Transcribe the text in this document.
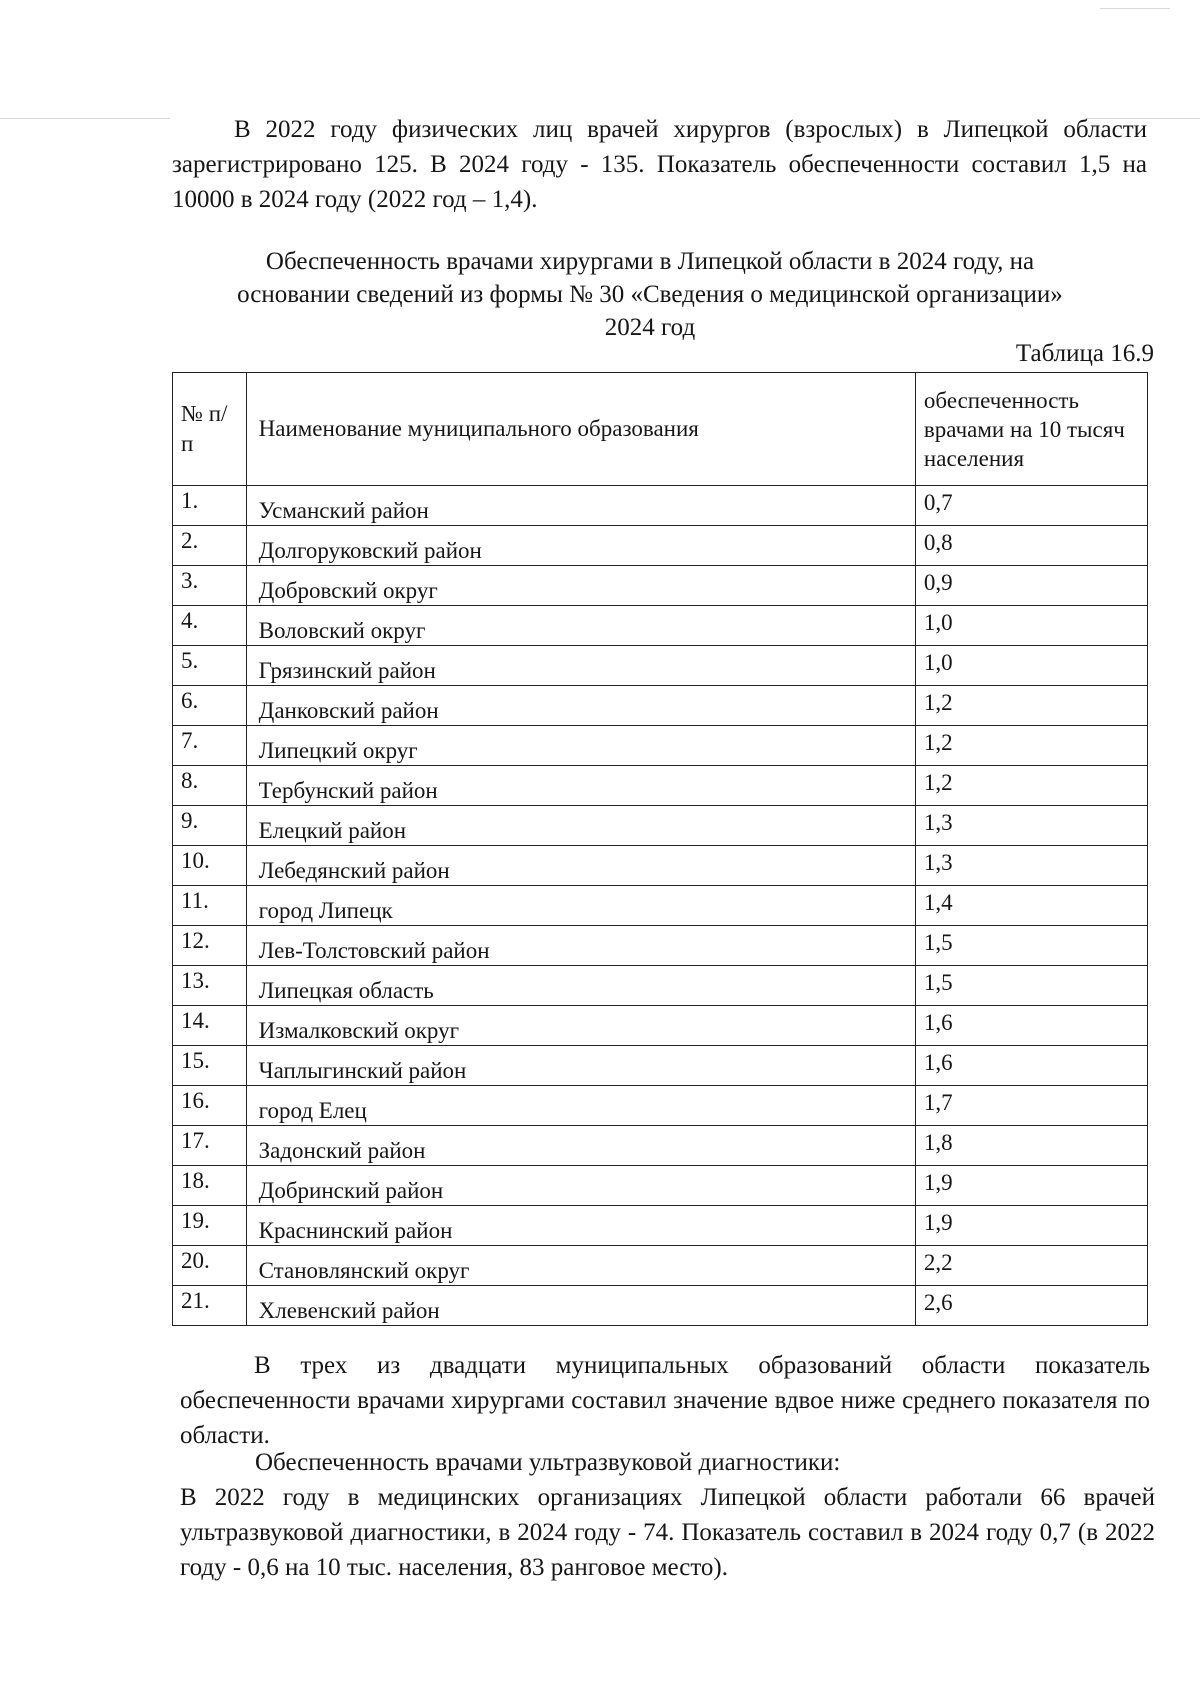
В 2022 году физических лиц врачей хирургов (взрослых) в Липецкой области зарегистрировано 125. В 2024 году - 135. Показатель обеспеченности составил 1,5 на 10000 в 2024 году (2022 год – 1,4).

Обеспеченность врачами хирургами в Липецкой области в 2024 году, на
основании сведений из формы № 30 «Сведения о медицинской организации»
2024 год
Таблица 16.9
№ п/п	Наименование муниципального образования	обеспеченность врачами на 10 тысяч населения
1.	Усманский район	0,7
2.	Долгоруковский район	0,8
3.	Добровский округ	0,9
4.	Воловский округ	1,0
5.	Грязинский район	1,0
6.	Данковский район	1,2
7.	Липецкий округ	1,2
8.	Тербунский район	1,2
9.	Елецкий район	1,3
10.	Лебедянский район	1,3
11.	город Липецк	1,4
12.	Лев-Толстовский район	1,5
13.	Липецкая область	1,5
14.	Измалковский округ	1,6
15.	Чаплыгинский район	1,6
16.	город Елец	1,7
17.	Задонский район	1,8
18.	Добринский район	1,9
19.	Краснинский район	1,9
20.	Становлянский округ	2,2
21.	Хлевенский район	2,6

В трех из двадцати муниципальных образований области показатель обеспеченности врачами хирургами составил значение вдвое ниже среднего показателя по области.

Обеспеченность врачами ультразвуковой диагностики:

В 2022 году в медицинских организациях Липецкой области работали 66 врачей ультразвуковой диагностики, в 2024 году - 74. Показатель составил в 2024 году 0,7 (в 2022 году - 0,6 на 10 тыс. населения, 83 ранговое место).
